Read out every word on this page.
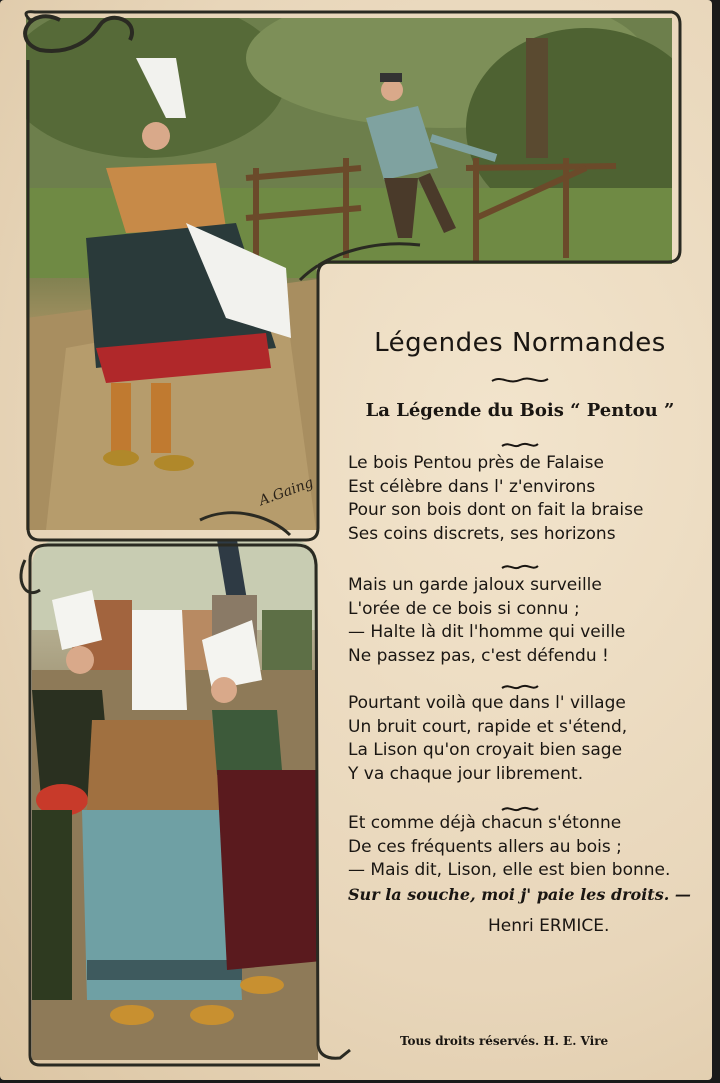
A.Gaing
Légendes Normandes
La Légende du Bois “ Pentou ”
Le bois Pentou près de Falaise
Est célèbre dans l' z'environs
Pour son bois dont on fait la braise
Ses coins discrets, ses horizons
Mais un garde jaloux surveille
L'orée de ce bois si connu ;
— Halte là dit l'homme qui veille
Ne passez pas, c'est défendu !
Pourtant voilà que dans l' village
Un bruit court, rapide et s'étend,
La Lison qu'on croyait bien sage
Y va chaque jour librement.
Et comme déjà chacun s'étonne
De ces fréquents allers au bois ;
— Mais dit, Lison, elle est bien bonne.
Sur la souche, moi j' paie les droits. —
Henri ERMICE.
Tous droits réservés. H. E. Vire
